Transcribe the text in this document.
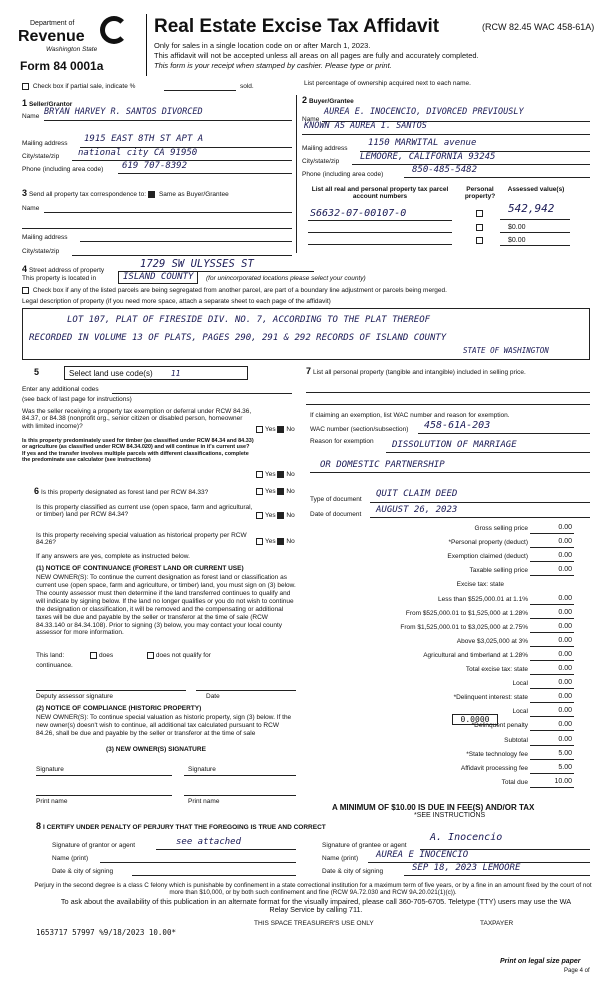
Department of
Revenue
Washington State
Form 84 0001a
Real Estate Excise Tax Affidavit	(RCW 82.45 WAC 458-61A)
Only for sales in a single location code on or after March 1, 2023.
This affidavit will not be accepted unless all areas on all pages are fully and accurately completed.
This form is your receipt when stamped by cashier. Please type or print.
Check box if partial sale, indicate %	sold.	List percentage of ownership acquired next to each name.
1 Seller/Grantor
Name BRYAN HARVEY R. SANTOS DIVORCED
Mailing address 1915 EAST 8TH ST APT A
City/state/zip national city CA 91950
Phone (including area code) 619 707-8392
2 Buyer/Grantee
Name
AUREA E. INOCENCIO, DIVORCED PREVIOUSLY
KNOWN AS AUREA I. SANTOS
Mailing address
1150 MARWITAL avenue
City/state/zip LEMOORE, CALIFORNIA 93245
Phone (including area code)	850-485-5482
3 Send all property tax correspondence to: Same as Buyer/Grantee
Name
Mailing address
City/state/zip
List all real and personal property tax parcel account numbers
Personal property?
Assessed value(s)
S6632-07-00107-0	542,942
$0.00
$0.00
4 Street address of property
1729 SW ULYSSES ST
This property is located in	ISLAND COUNTY	(for unincorporated locations please select your county)
Check box if any of the listed parcels are being segregated from another parcel, are part of a boundary line adjustment or parcels being merged.
Legal description of property (if you need more space, attach a separate sheet to each page of the affidavit)
LOT 107, PLAT OF FIRESIDE DIV. NO. 7, ACCORDING TO THE PLAT THEREOF
RECORDED IN VOLUME 13 OF PLATS, PAGES 290, 291 & 292 RECORDS OF ISLAND COUNTY
STATE OF WASHINGTON
5	Select land use code(s) 11
Enter any additional codes
(see back of last page for instructions)
Was the seller receiving a property tax exemption or deferral under RCW 84.36, 84.37, or 84.38 (nonprofit org., senior citizen or disabled person, homeowner with limited income)?	Yes No
Is this property predominately used for timber (as classified under RCW 84.34 and 84.33) or agriculture (as classified under RCW 84.34.020) and will continue in it's current use? If yes and the transfer involves multiple parcels with different classifications, complete the predominate use calculator (see instructions)
Yes No
6 Is this property designated as forest land per RCW 84.33?	Yes No
Is this property classified as current use (open space, farm and agricultural, or timber) land per RCW 84.34?	Yes No
Is this property receiving special valuation as historical property per RCW 84.26?	Yes No
If any answers are yes, complete as instructed below.
(1) NOTICE OF CONTINUANCE (FOREST LAND OR CURRENT USE)
NEW OWNER(S): To continue the current designation as forest land or classification as current use (open space, farm and agriculture, or timber) land, you must sign on (3) below. The county assessor must then determine if the land transferred continues to qualify and will indicate by signing below. If the land no longer qualifies or you do not wish to continue the designation or classification, it will be removed and the compensating or additional taxes will be due and payable by the seller or transferor at the time of sale (RCW 84.33.140 or 84.34.108). Prior to signing (3) below, you may contact your local county assessor for more information.
This land:	does	does not qualify for
continuance.
Deputy assessor signature	Date
(2) NOTICE OF COMPLIANCE (HISTORIC PROPERTY)
NEW OWNER(S): To continue special valuation as historic property, sign (3) below. If the new owner(s) doesn't wish to continue, all additional tax calculated pursuant to RCW 84.26, shall be due and payable by the seller or transferor at the time of sale
(3) NEW OWNER(S) SIGNATURE
Signature	Signature
Print name	Print name
7 List all personal property (tangible and intangible) included in selling price.
If claiming an exemption, list WAC number and reason for exemption.
WAC number (section/subsection) 458-61A-203
Reason for exemption DISSOLUTION OF MARRIAGE
OR DOMESTIC PARTNERSHIP
Type of document
QUIT CLAIM DEED
Date of document AUGUST 26, 2023
Gross selling price	0.00
*Personal property (deduct)	0.00
Exemption claimed (deduct)	0.00
Taxable selling price	0.00
Excise tax: state
Less than $525,000.01 at 1.1%	0.00
From $525,000.01 to $1,525,000 at 1.28%	0.00
From $1,525,000.01 to $3,025,000 at 2.75%	0.00
Above $3,025,000 at 3%	0.00
Agricultural and timberland at 1.28%	0.00
Total excise tax: state	0.00
Local	0.00
*Delinquent interest: state	0.00
Local	0.00
*Delinquent penalty	0.00
Subtotal	0.00
*State technology fee	5.00
Affidavit processing fee	5.00
Total due	10.00
0.0000
A MINIMUM OF $10.00 IS DUE IN FEE(S) AND/OR TAX
*SEE INSTRUCTIONS
8 I CERTIFY UNDER PENALTY OF PERJURY THAT THE FOREGOING IS TRUE AND CORRECT
Signature of grantor or agent	see attached
Name (print)
Date & city of signing
Signature of grantee or agent
A. Inocencio
Name (print) AUREA E INOCENCIO
Date & city of signing	SEP 18, 2023 LEMOORE
Perjury in the second degree is a class C felony which is punishable by confinement in a state correctional institution for a maximum term of five years, or by a fine in an amount fixed by the court of not more than $10,000, or by both such confinement and fine (RCW 9A.72.030 and RCW 9A.20.021(1)(c)).
To ask about the availability of this publication in an alternate format for the visually impaired, please call 360-705-6705. Teletype (TTY) users may use the WA Relay Service by calling 711.
1653717 57997 %9/18/2023 10.00*
THIS SPACE TREASURER'S USE ONLY	TAXPAYER
Print on legal size paper
Page 4 of
